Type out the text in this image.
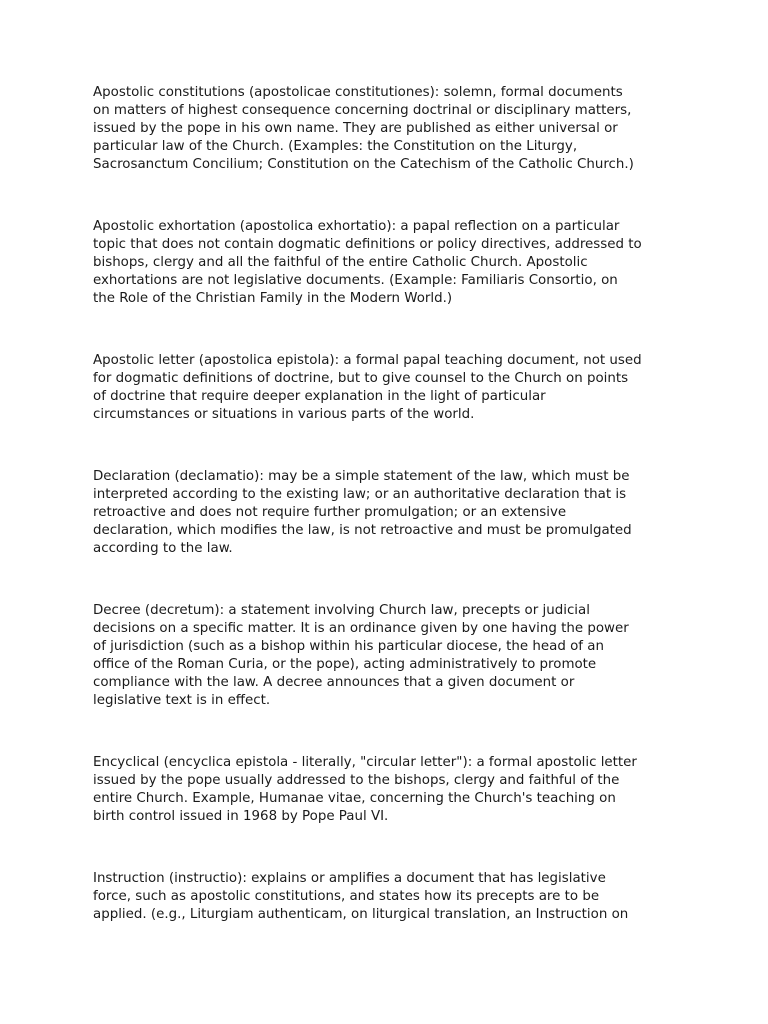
Apostolic constitutions (apostolicae constitutiones): solemn, formal documents
on matters of highest consequence concerning doctrinal or disciplinary matters,
issued by the pope in his own name. They are published as either universal or
particular law of the Church. (Examples: the Constitution on the Liturgy,
Sacrosanctum Concilium; Constitution on the Catechism of the Catholic Church.)
Apostolic exhortation (apostolica exhortatio): a papal reflection on a particular
topic that does not contain dogmatic definitions or policy directives, addressed to
bishops, clergy and all the faithful of the entire Catholic Church. Apostolic
exhortations are not legislative documents. (Example: Familiaris Consortio, on
the Role of the Christian Family in the Modern World.)
Apostolic letter (apostolica epistola): a formal papal teaching document, not used
for dogmatic definitions of doctrine, but to give counsel to the Church on points
of doctrine that require deeper explanation in the light of particular
circumstances or situations in various parts of the world.
Declaration (declamatio): may be a simple statement of the law, which must be
interpreted according to the existing law; or an authoritative declaration that is
retroactive and does not require further promulgation; or an extensive
declaration, which modifies the law, is not retroactive and must be promulgated
according to the law.
Decree (decretum): a statement involving Church law, precepts or judicial
decisions on a specific matter. It is an ordinance given by one having the power
of jurisdiction (such as a bishop within his particular diocese, the head of an
office of the Roman Curia, or the pope), acting administratively to promote
compliance with the law. A decree announces that a given document or
legislative text is in effect.
Encyclical (encyclica epistola - literally, "circular letter"): a formal apostolic letter
issued by the pope usually addressed to the bishops, clergy and faithful of the
entire Church. Example, Humanae vitae, concerning the Church's teaching on
birth control issued in 1968 by Pope Paul VI.
Instruction (instructio): explains or amplifies a document that has legislative
force, such as apostolic constitutions, and states how its precepts are to be
applied. (e.g., Liturgiam authenticam, on liturgical translation, an Instruction on
